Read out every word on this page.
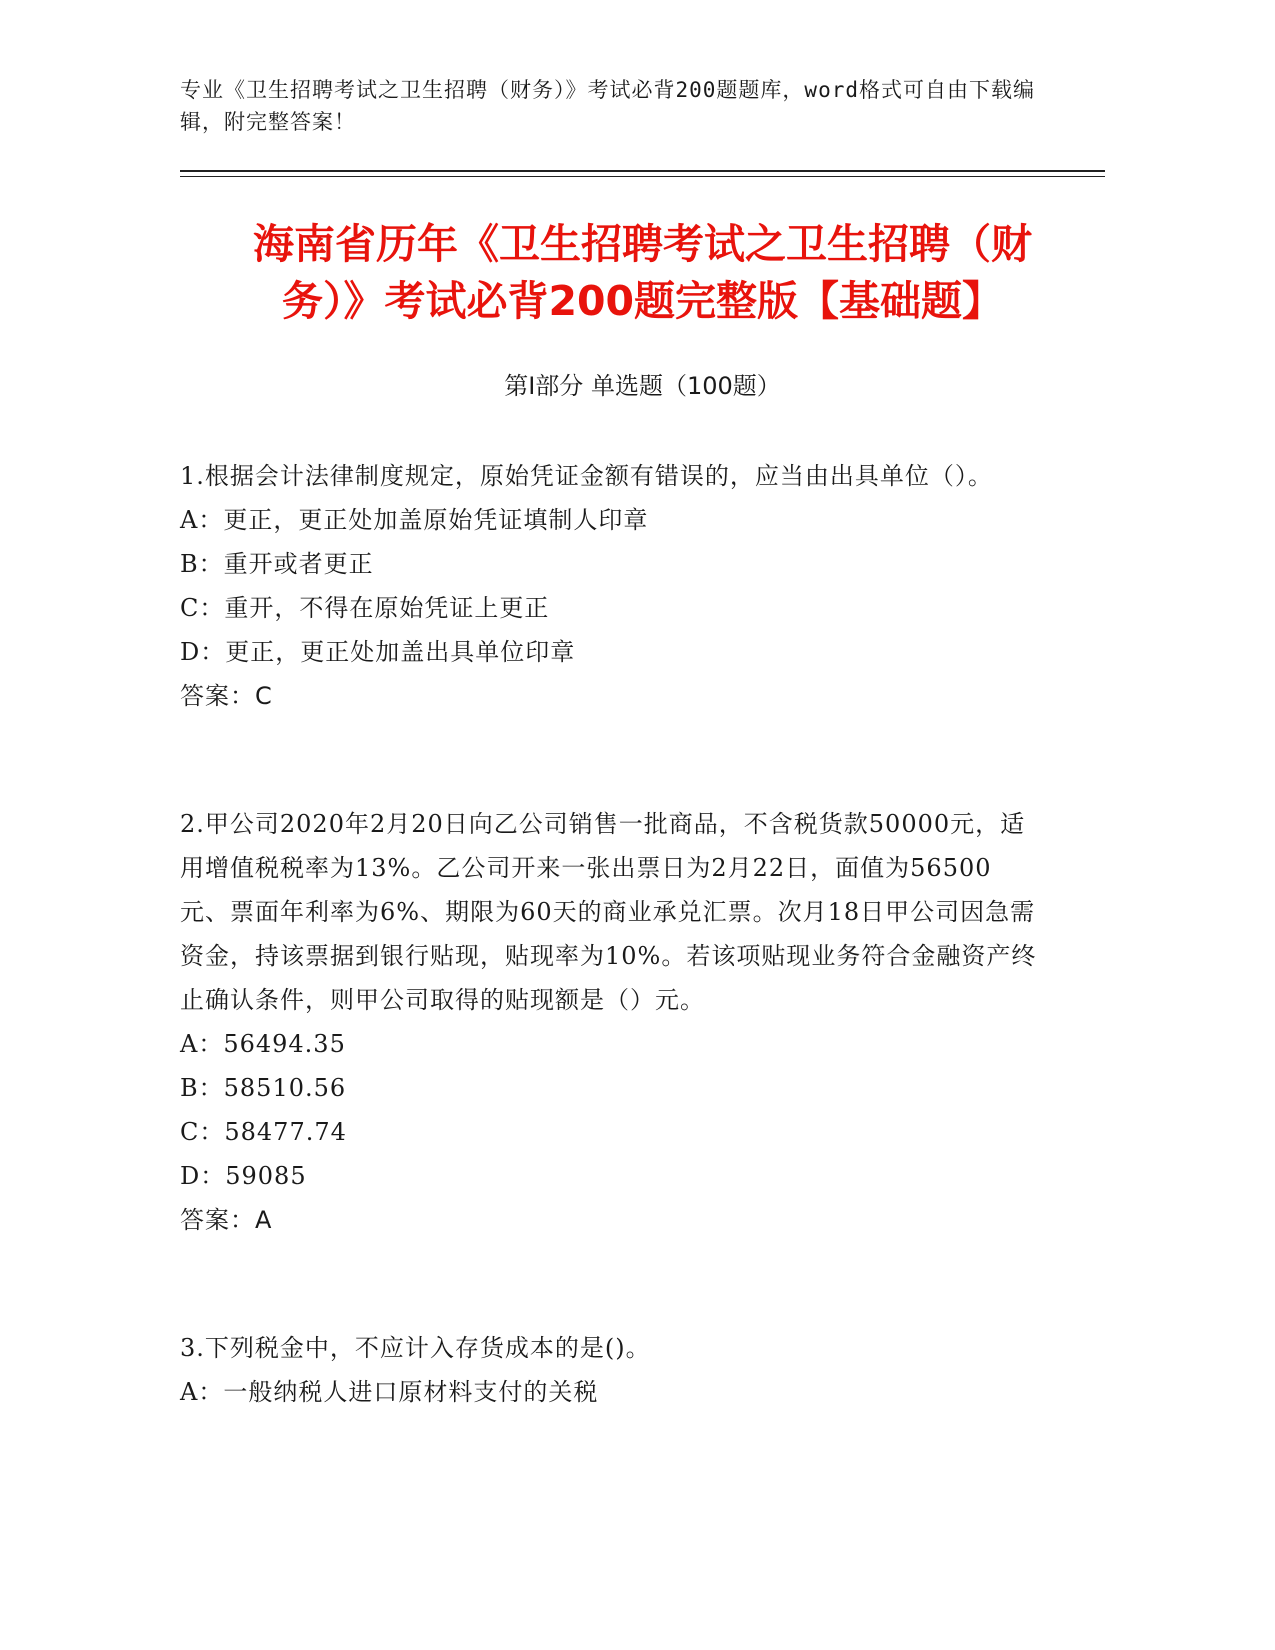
专业《卫生招聘考试之卫生招聘（财务）》考试必背200题题库，word格式可自由下载编辑，附完整答案！
海南省历年《卫生招聘考试之卫生招聘（财
务）》考试必背200题完整版【基础题】
第Ⅰ部分 单选题（100题）
1.根据会计法律制度规定，原始凭证金额有错误的，应当由出具单位（）。
A：更正，更正处加盖原始凭证填制人印章
B：重开或者更正
C：重开，不得在原始凭证上更正
D：更正，更正处加盖出具单位印章
答案：C
2.甲公司2020年2月20日向乙公司销售一批商品，不含税货款50000元，适用增值税税率为13%。乙公司开来一张出票日为2月22日，面值为56500元、票面年利率为6%、期限为60天的商业承兑汇票。次月18日甲公司因急需资金，持该票据到银行贴现，贴现率为10%。若该项贴现业务符合金融资产终止确认条件，则甲公司取得的贴现额是（）元。
A：56494.35
B：58510.56
C：58477.74
D：59085
答案：A
3.下列税金中，不应计入存货成本的是()。
A：一般纳税人进口原材料支付的关税
